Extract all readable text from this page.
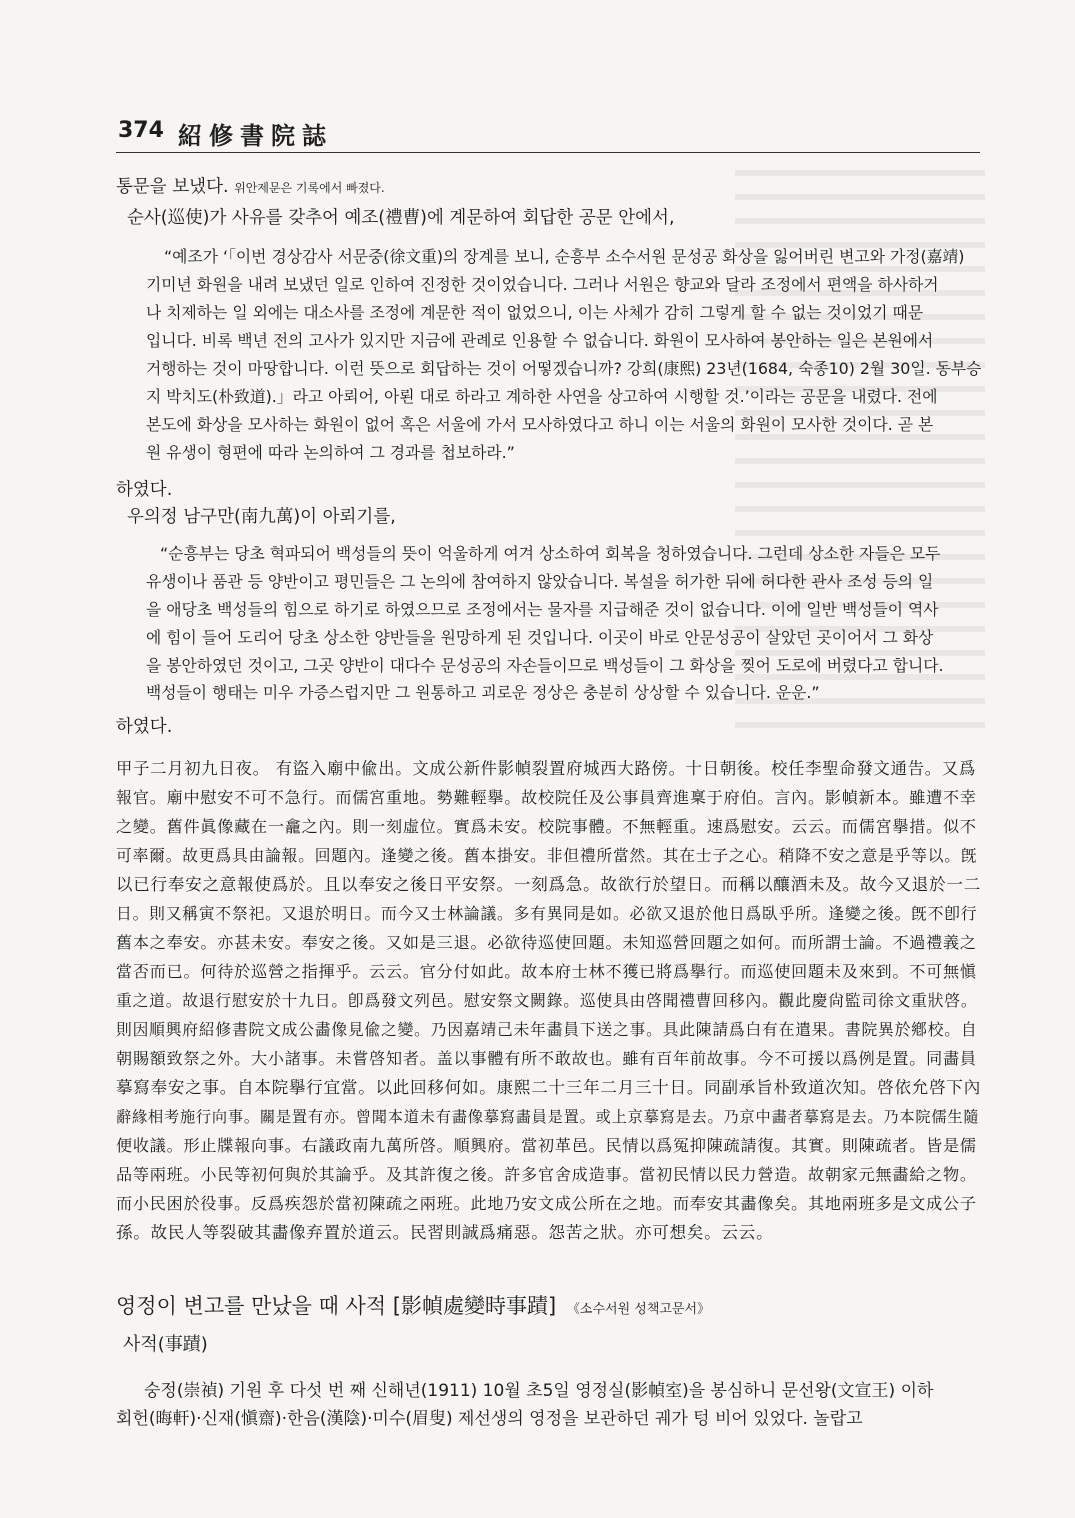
374 紹修書院誌
통문을 보냈다. 위안제문은 기록에서 빠졌다.
순사(巡使)가 사유를 갖추어 예조(禮曹)에 계문하여 회답한 공문 안에서,
“예조가 ‘「이번 경상감사 서문중(徐文重)의 장계를 보니, 순흥부 소수서원 문성공 화상을 잃어버린 변고와 가정(嘉靖)
기미년 화원을 내려 보냈던 일로 인하여 진정한 것이었습니다. 그러나 서원은 향교와 달라 조정에서 편액을 하사하거
나 치제하는 일 외에는 대소사를 조정에 계문한 적이 없었으니, 이는 사체가 감히 그렇게 할 수 없는 것이었기 때문
입니다. 비록 백년 전의 고사가 있지만 지금에 관례로 인용할 수 없습니다. 화원이 모사하여 봉안하는 일은 본원에서
거행하는 것이 마땅합니다. 이런 뜻으로 회답하는 것이 어떻겠습니까? 강희(康熙) 23년(1684, 숙종10) 2월 30일. 동부승
지 박치도(朴致道).」라고 아뢰어, 아뢴 대로 하라고 계하한 사연을 상고하여 시행할 것.’이라는 공문을 내렸다. 전에
본도에 화상을 모사하는 화원이 없어 혹은 서울에 가서 모사하였다고 하니 이는 서울의 화원이 모사한 것이다. 곧 본
원 유생이 형편에 따라 논의하여 그 경과를 첩보하라.”
하였다.
우의정 남구만(南九萬)이 아뢰기를,
“순흥부는 당초 혁파되어 백성들의 뜻이 억울하게 여겨 상소하여 회복을 청하였습니다. 그런데 상소한 자들은 모두
유생이나 품관 등 양반이고 평민들은 그 논의에 참여하지 않았습니다. 복설을 허가한 뒤에 허다한 관사 조성 등의 일
을 애당초 백성들의 힘으로 하기로 하였으므로 조정에서는 물자를 지급해준 것이 없습니다. 이에 일반 백성들이 역사
에 힘이 들어 도리어 당초 상소한 양반들을 원망하게 된 것입니다. 이곳이 바로 안문성공이 살았던 곳이어서 그 화상
을 봉안하였던 것이고, 그곳 양반이 대다수 문성공의 자손들이므로 백성들이 그 화상을 찢어 도로에 버렸다고 합니다.
백성들이 행태는 미우 가증스럽지만 그 원통하고 괴로운 정상은 충분히 상상할 수 있습니다. 운운.”
하였다.
甲子二月初九日夜。 有盜入廟中偸出。文成公新件影幀裂置府城西大路傍。十日朝後。校任李聖命發文通告。又爲
報官。廟中慰安不可不急行。而儒宮重地。勢難輕擧。故校院任及公事員齊進稟于府伯。言內。影幀新本。雖遭不幸
之變。舊件眞像藏在一龕之內。則一刻虛位。實爲未安。校院事體。不無輕重。速爲慰安。云云。而儒宮擧措。似不
可率爾。故更爲具由論報。回題內。逢變之後。舊本掛安。非但禮所當然。其在士子之心。稍降不安之意是乎等以。旣
以已行奉安之意報使爲於。且以奉安之後日平安祭。一刻爲急。故欲行於望日。而稱以釀酒未及。故今又退於一二
日。則又稱寅不祭祀。又退於明日。而今又士林論議。多有異同是如。必欲又退於他日爲臥乎所。逢變之後。旣不卽行
舊本之奉安。亦甚未安。奉安之後。又如是三退。必欲待巡使回題。未知巡營回題之如何。而所謂士論。不過禮義之
當否而已。何待於巡營之指揮乎。云云。官分付如此。故本府士林不獲已將爲擧行。而巡使回題未及來到。不可無愼
重之道。故退行慰安於十九日。卽爲發文列邑。慰安祭文闕錄。巡使具由啓聞禮曹回移內。觀此慶尙監司徐文重狀啓。
則因順興府紹修書院文成公畵像見偸之變。乃因嘉靖己未年畵員下送之事。具此陳請爲白有在遣果。書院異於鄕校。自
朝賜額致祭之外。大小諸事。未嘗啓知者。盖以事體有所不敢故也。雖有百年前故事。今不可援以爲例是置。同畵員
摹寫奉安之事。自本院擧行宜當。以此回移何如。康熙二十三年二月三十日。同副承旨朴致道次知。啓依允啓下內
辭緣相考施行向事。關是置有亦。曾聞本道未有畵像摹寫畵員是置。或上京摹寫是去。乃京中畵者摹寫是去。乃本院儒生隨
便收議。形止牒報向事。右議政南九萬所啓。順興府。當初革邑。民情以爲冤抑陳疏請復。其實。則陳疏者。皆是儒
品等兩班。小民等初何與於其論乎。及其許復之後。許多官舍成造事。當初民情以民力營造。故朝家元無畵給之物。
而小民困於役事。反爲疾怨於當初陳疏之兩班。此地乃安文成公所在之地。而奉安其畵像矣。其地兩班多是文成公子
孫。故民人等裂破其畵像弃置於道云。民習則誠爲痛惡。怨苦之狀。亦可想矣。云云。
영정이 변고를 만났을 때 사적 [影幀處變時事蹟] 《소수서원 성책고문서》
사적(事蹟)
숭정(崇禎) 기원 후 다섯 번 째 신해년(1911) 10월 초5일 영정실(影幀室)을 봉심하니 문선왕(文宣王) 이하
회헌(晦軒)·신재(愼齋)·한음(漢陰)·미수(眉叟) 제선생의 영정을 보관하던 궤가 텅 비어 있었다. 놀랍고
